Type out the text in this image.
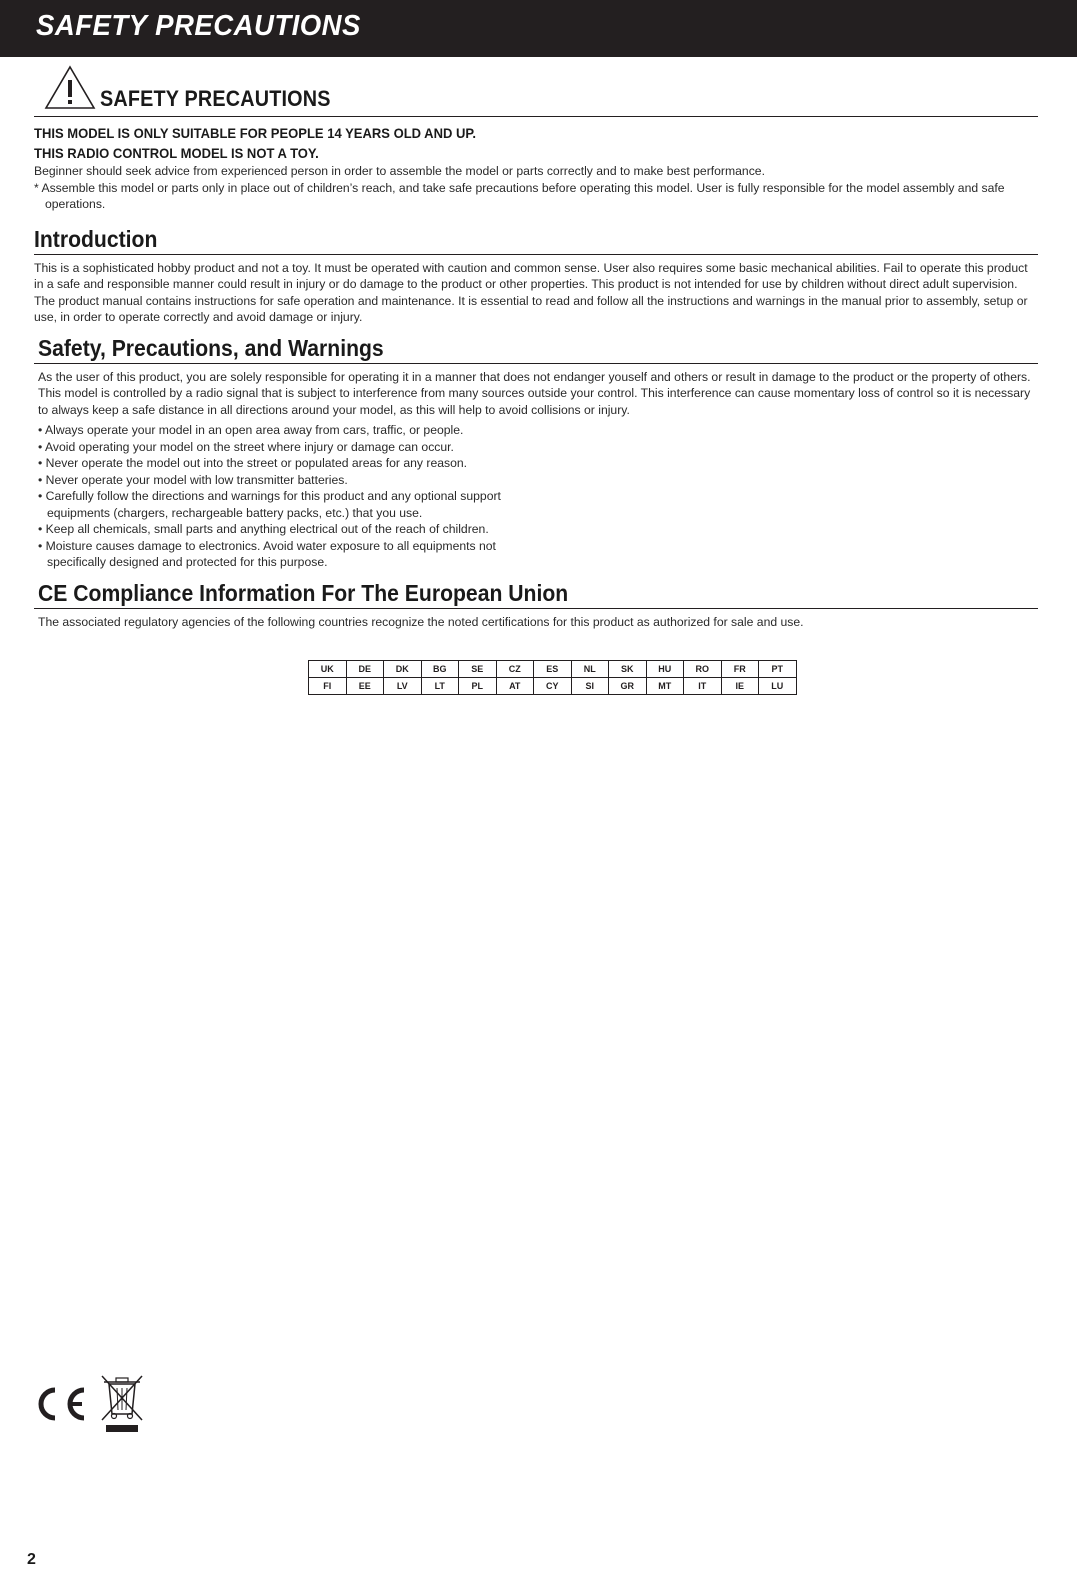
SAFETY PRECAUTIONS
SAFETY PRECAUTIONS
THIS MODEL IS ONLY SUITABLE FOR PEOPLE 14 YEARS OLD AND UP.
THIS RADIO CONTROL MODEL IS NOT A TOY.
Beginner should seek advice from experienced person in order to assemble the model or parts correctly and to make best performance.
* Assemble this model or parts only in place out of children’s reach, and take safe precautions before operating this model. User is fully responsible for the model assembly and safe operations.
Introduction
This is a sophisticated hobby product and not a toy. It must be operated with caution and common sense. User also requires some basic mechanical abilities. Fail to operate this product in a safe and responsible manner could result in injury or do damage to the product or other properties. This product is not intended for use by children without direct adult supervision. The product manual contains instructions for safe operation and maintenance. It is essential to read and follow all the instructions and warnings in the manual prior to assembly, setup or use, in order to operate correctly and avoid damage or injury.
Safety, Precautions, and Warnings
As the user of this product, you are solely responsible for operating it in a manner that does not endanger youself and others or result in damage to the product or the property of others.
This model is controlled by a radio signal that is subject to interference from many sources outside your control. This interference can cause momentary loss of control so it is necessary to always keep a safe distance in all directions around your model, as this will help to avoid collisions or injury.
• Always operate your model in an open area away from cars, traffic, or people.
• Avoid operating your model on the street where injury or damage can occur.
• Never operate the model out into the street or populated areas for any reason.
• Never operate your model with low transmitter batteries.
• Carefully follow the directions and warnings for this product and any optional support equipments (chargers, rechargeable battery packs, etc.) that you use.
• Keep all chemicals, small parts and anything electrical out of the reach of children.
• Moisture causes damage to electronics. Avoid water exposure to all equipments not specifically designed and protected for this purpose.
CE Compliance Information For The European Union
The associated regulatory agencies of the following countries recognize the noted certifications for this product as authorized for sale and use.
UK	DE	DK	BG	SE	CZ	ES	NL	SK	HU	RO	FR	PT
FI	EE	LV	LT	PL	AT	CY	SI	GR	MT	IT	IE	LU
2
